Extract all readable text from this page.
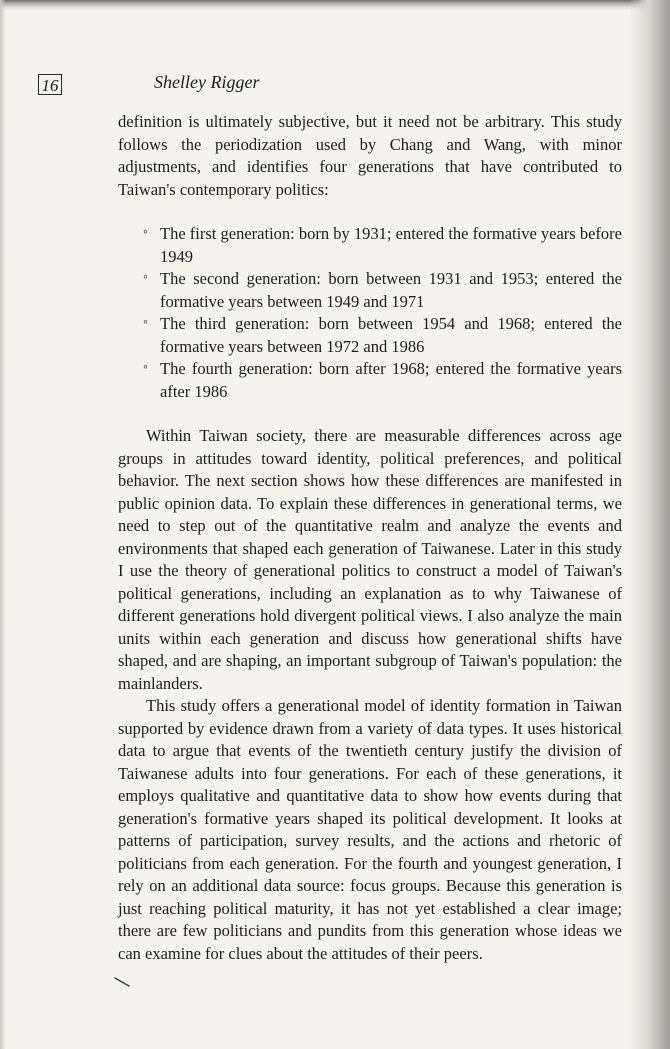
16	Shelley Rigger

definition is ultimately subjective, but it need not be arbitrary. This study follows the periodization used by Chang and Wang, with minor adjustments, and identifies four generations that have contributed to Taiwan's contemporary politics:

◦ The first generation: born by 1931; entered the formative years before 1949
◦ The second generation: born between 1931 and 1953; entered the formative years between 1949 and 1971
◦ The third generation: born between 1954 and 1968; entered the formative years between 1972 and 1986
◦ The fourth generation: born after 1968; entered the formative years after 1986

Within Taiwan society, there are measurable differences across age groups in attitudes toward identity, political preferences, and political behavior. The next section shows how these differences are manifested in public opinion data. To explain these differences in generational terms, we need to step out of the quantitative realm and analyze the events and environments that shaped each generation of Taiwanese. Later in this study I use the theory of generational politics to construct a model of Taiwan's political generations, including an explanation as to why Taiwanese of different generations hold divergent political views. I also analyze the main units within each generation and discuss how generational shifts have shaped, and are shaping, an important subgroup of Taiwan's population: the mainlanders.

This study offers a generational model of identity formation in Taiwan supported by evidence drawn from a variety of data types. It uses historical data to argue that events of the twentieth century justify the division of Taiwanese adults into four generations. For each of these generations, it employs qualitative and quantitative data to show how events during that generation's formative years shaped its political development. It looks at patterns of participation, survey results, and the actions and rhetoric of politicians from each generation. For the fourth and youngest generation, I rely on an additional data source: focus groups. Because this generation is just reaching political maturity, it has not yet established a clear image; there are few politicians and pundits from this generation whose ideas we can examine for clues about the attitudes of their peers.
